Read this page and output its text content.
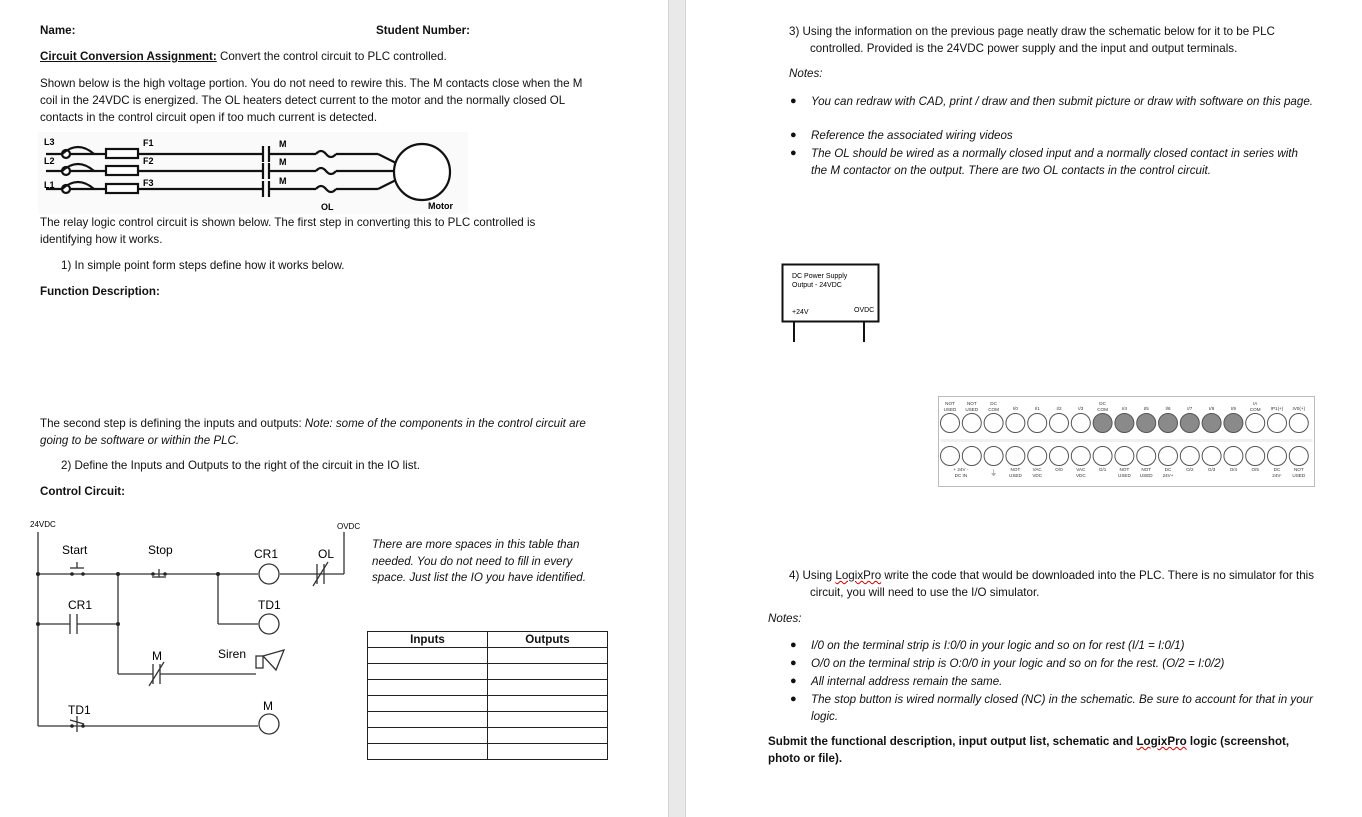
Name:	Student Number:
Circuit Conversion Assignment: Convert the control circuit to PLC controlled.
Shown below is the high voltage portion. You do not need to rewire this. The M contacts close when the M coil in the 24VDC is energized. The OL heaters detect current to the motor and the normally closed OL contacts in the control circuit open if too much current is detected.
L3
L2
L1
F1
F2
F3
M
M
M
OL	Motor
The relay logic control circuit is shown below. The first step in converting this to PLC controlled is identifying how it works.
1) In simple point form steps define how it works below.
Function Description:
The second step is defining the inputs and outputs: Note: some of the components in the control circuit are going to be software or within the PLC.
2) Define the Inputs and Outputs to the right of the circuit in the IO list.
Control Circuit:
24VDC	OVDC
Start	Stop	CR1	OL
CR1	TD1
M	Siren
TD1	M
There are more spaces in this table than needed. You do not need to fill in every space. Just list the IO you have identified.
Inputs	Outputs

3) Using the information on the previous page neatly draw the schematic below for it to be PLC controlled. Provided is the 24VDC power supply and the input and output terminals.
Notes:
● You can redraw with CAD, print / draw and then submit picture or draw with software on this page.
● Reference the associated wiring videos
● The OL should be wired as a normally closed input and a normally closed contact in series with the M contactor on the output. There are two OL contacts in the control circuit.
DC Power Supply
Output - 24VDC
+24V	OVDC
NOT
USED
NOT
USED
DC
COM	I/0	I/1	I/2	I/3
DC
COM	I/4	I/5	I/6	I/7	I/8	I/9
IA
COM IP1(+) IV0(+)
+ 24V -
DC IN	⏚
NOT
USED
VAC
VDC
O/0	VAC
VDC
O/1	NOT
USED
NOT
USED
DC
24V+
O/2	O/3	O/4	O/5	DC
24V-
NOT
USED
4) Using LogixPro write the code that would be downloaded into the PLC. There is no simulator for this circuit, you will need to use the I/O simulator.
Notes:
● I/0 on the terminal strip is I:0/0 in your logic and so on for rest (I/1 = I:0/1)
● O/0 on the terminal strip is O:0/0 in your logic and so on for the rest. (O/2 = I:0/2)
● All internal address remain the same.
● The stop button is wired normally closed (NC) in the schematic. Be sure to account for that in your logic.
Submit the functional description, input output list, schematic and LogixPro logic (screenshot, photo or file).
